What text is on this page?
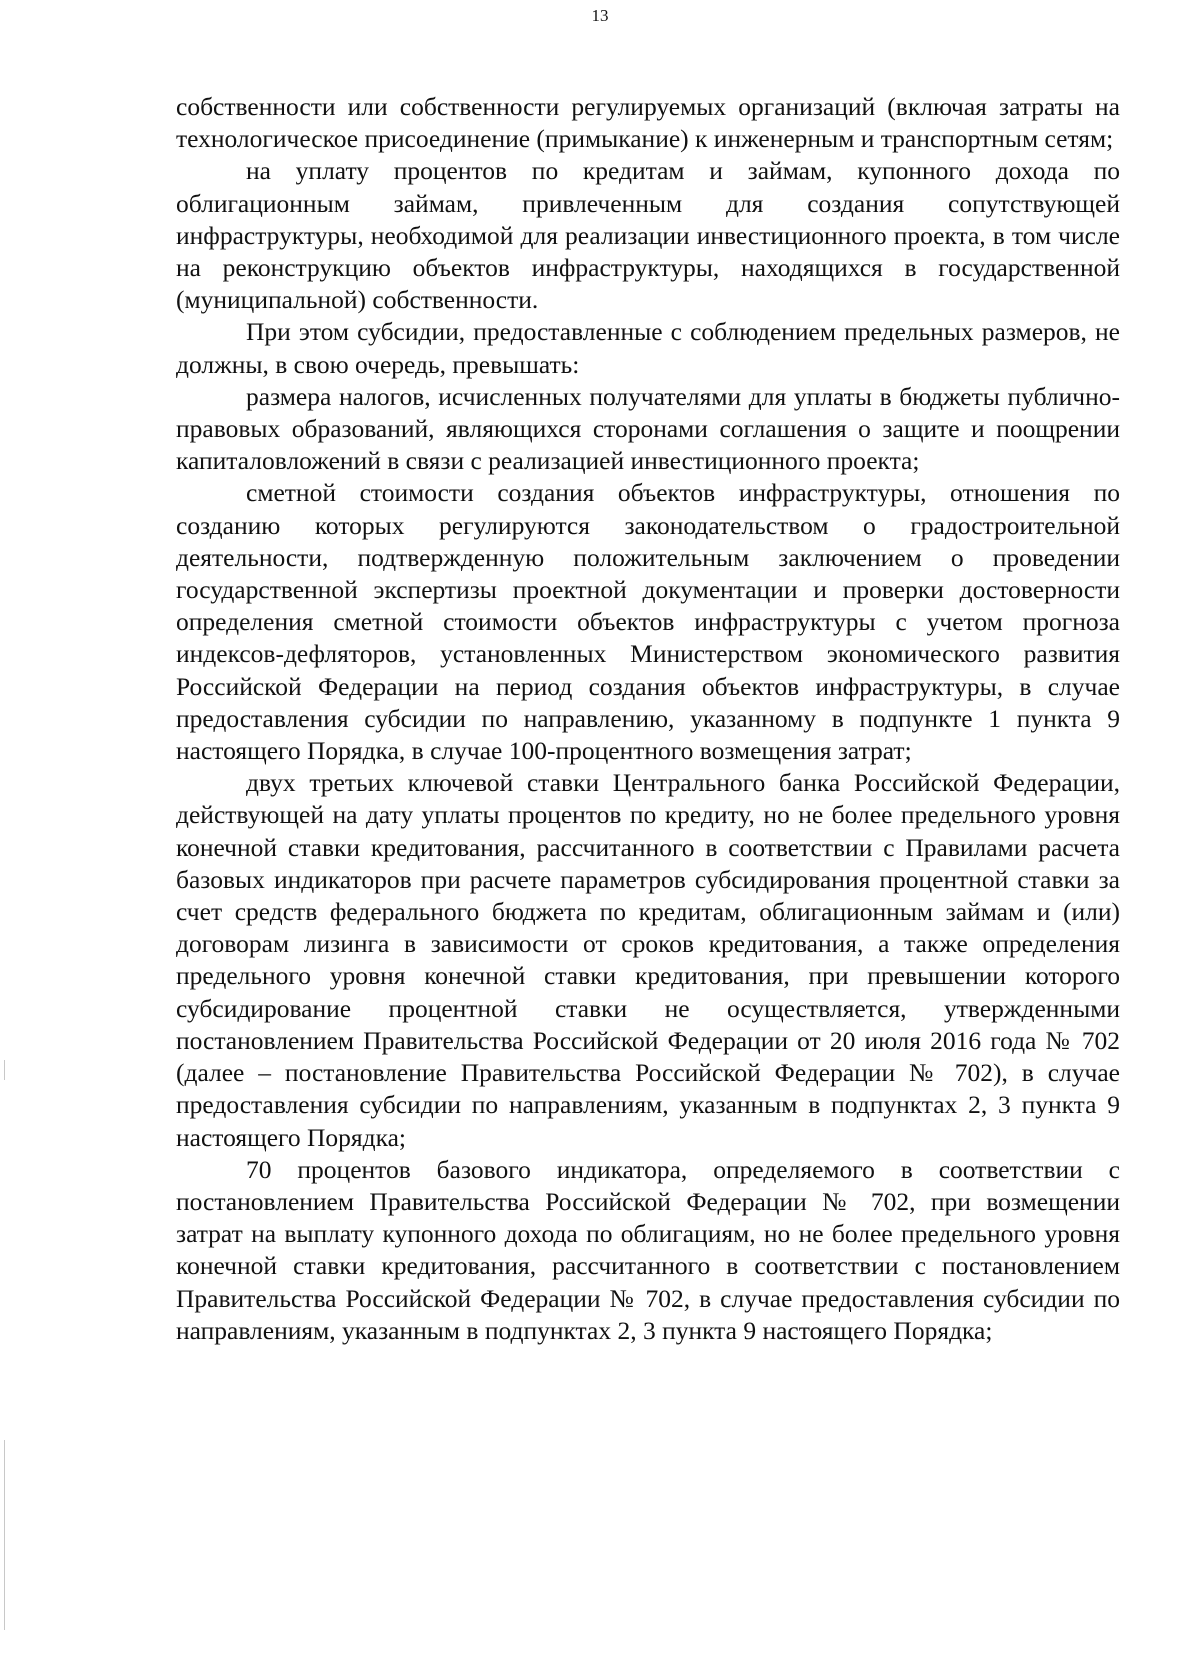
13

собственности или собственности регулируемых организаций (включая затраты на технологическое присоединение (примыкание) к инженерным и транспортным сетям;

на уплату процентов по кредитам и займам, купонного дохода по облигационным займам, привлеченным для создания сопутствующей инфраструктуры, необходимой для реализации инвестиционного проекта, в том числе на реконструкцию объектов инфраструктуры, находящихся в государственной (муниципальной) собственности.

При этом субсидии, предоставленные с соблюдением предельных размеров, не должны, в свою очередь, превышать:

размера налогов, исчисленных получателями для уплаты в бюджеты публично-правовых образований, являющихся сторонами соглашения о защите и поощрении капиталовложений в связи с реализацией инвестиционного проекта;

сметной стоимости создания объектов инфраструктуры, отношения по созданию которых регулируются законодательством о градостроительной деятельности, подтвержденную положительным заключением о проведении государственной экспертизы проектной документации и проверки достоверности определения сметной стоимости объектов инфраструктуры с учетом прогноза индексов-дефляторов, установленных Министерством экономического развития Российской Федерации на период создания объектов инфраструктуры, в случае предоставления субсидии по направлению, указанному в подпункте 1 пункта 9 настоящего Порядка, в случае 100-процентного возмещения затрат;

двух третьих ключевой ставки Центрального банка Российской Федерации, действующей на дату уплаты процентов по кредиту, но не более предельного уровня конечной ставки кредитования, рассчитанного в соответствии с Правилами расчета базовых индикаторов при расчете параметров субсидирования процентной ставки за счет средств федерального бюджета по кредитам, облигационным займам и (или) договорам лизинга в зависимости от сроков кредитования, а также определения предельного уровня конечной ставки кредитования, при превышении которого субсидирование процентной ставки не осуществляется, утвержденными постановлением Правительства Российской Федерации от 20 июля 2016 года № 702 (далее – постановление Правительства Российской Федерации № 702), в случае предоставления субсидии по направлениям, указанным в подпунктах 2, 3 пункта 9 настоящего Порядка;

70 процентов базового индикатора, определяемого в соответствии с постановлением Правительства Российской Федерации № 702, при возмещении затрат на выплату купонного дохода по облигациям, но не более предельного уровня конечной ставки кредитования, рассчитанного в соответствии с постановлением Правительства Российской Федерации № 702, в случае предоставления субсидии по направлениям, указанным в подпунктах 2, 3 пункта 9 настоящего Порядка;
